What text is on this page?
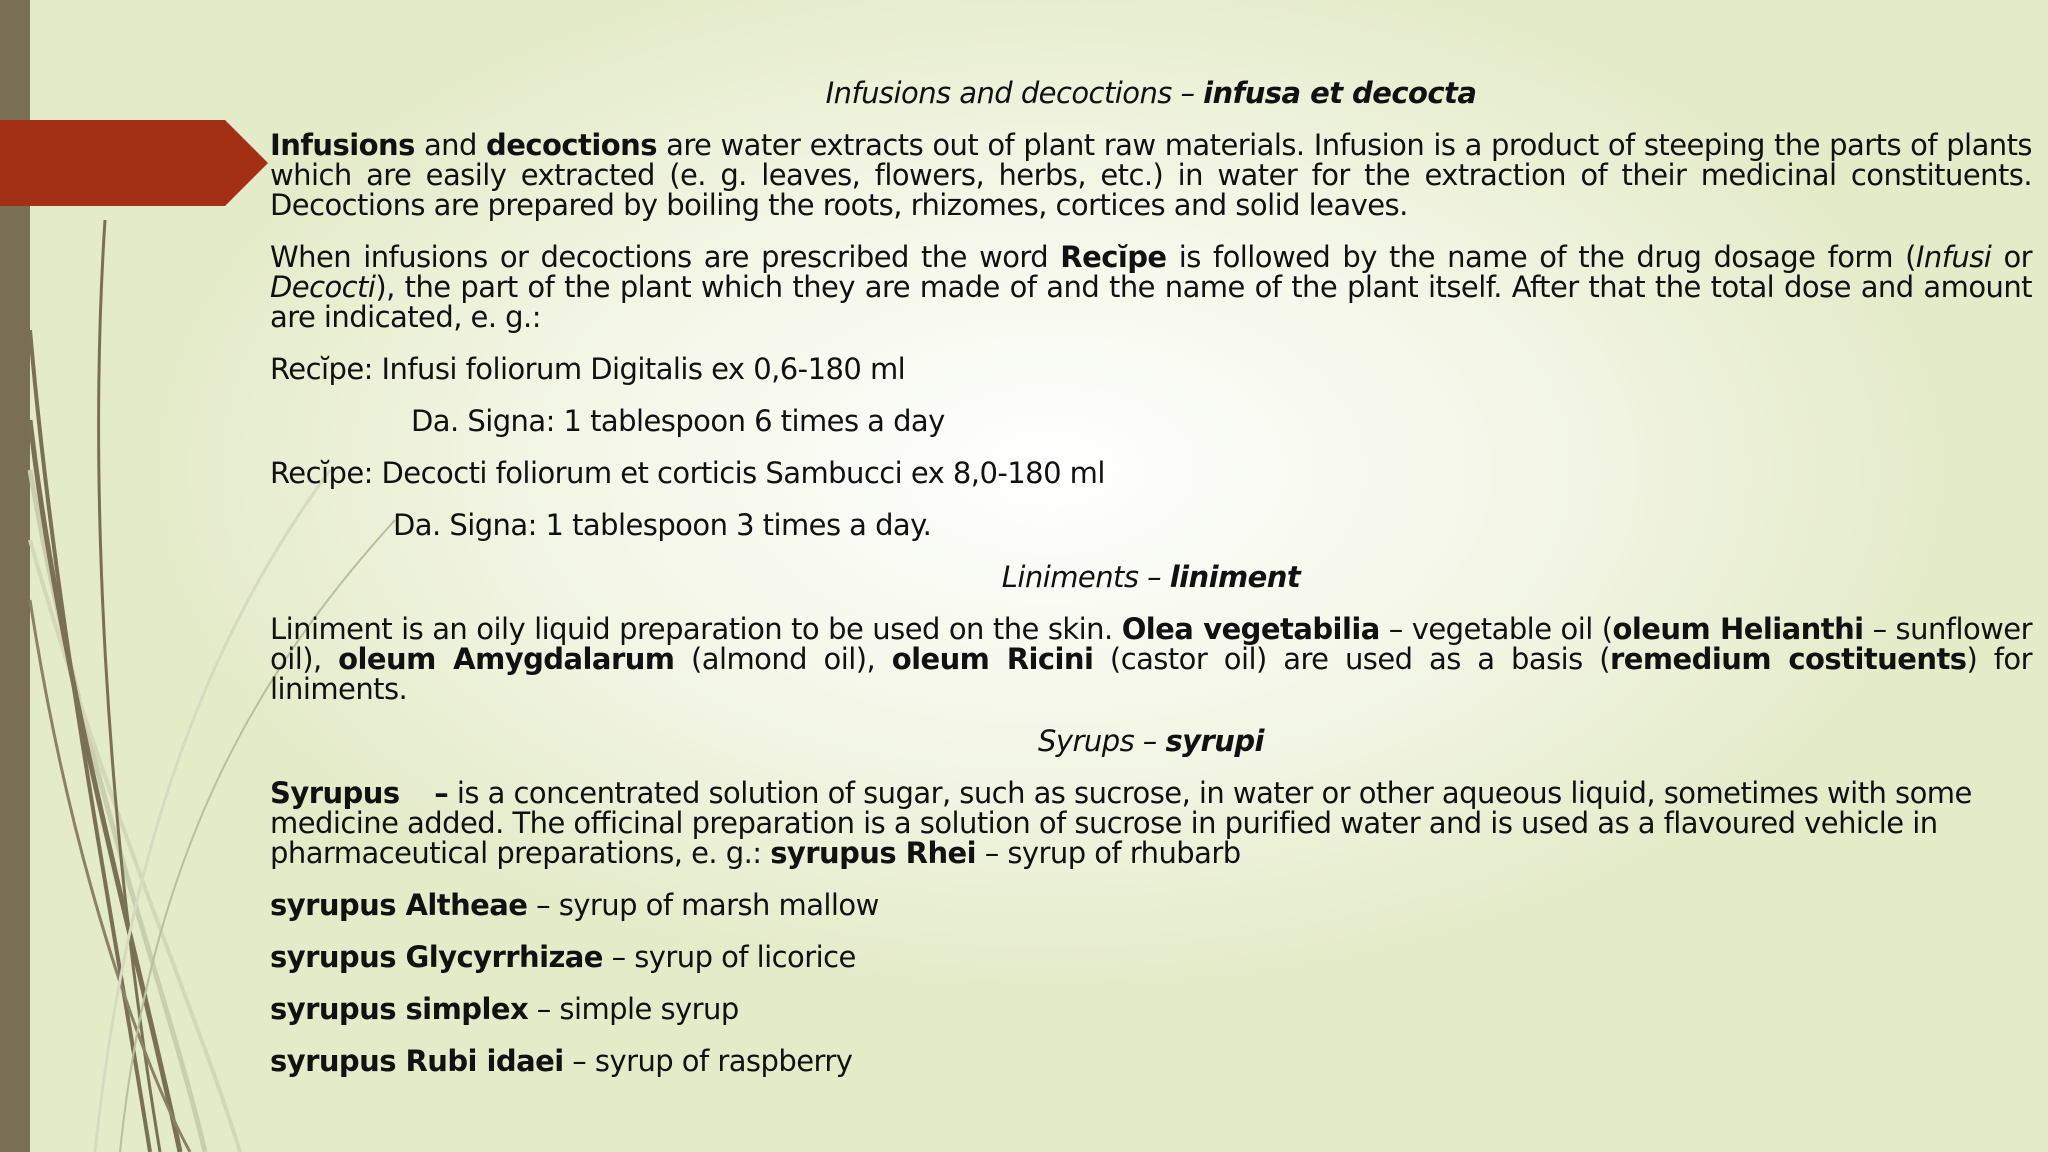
Infusions and decoctions – infusa et decocta

Infusions and decoctions are water extracts out of plant raw materials. Infusion is a product of steeping the parts of plants which are easily extracted (e. g. leaves, flowers, herbs, etc.) in water for the extraction of their medicinal constituents. Decoctions are prepared by boiling the roots, rhizomes, cortices and solid leaves.

When infusions or decoctions are prescribed the word Recĭpe is followed by the name of the drug dosage form (Infusi or Decocti), the part of the plant which they are made of and the name of the plant itself. After that the total dose and amount are indicated, e. g.:

Recĭpe: Infusi foliorum Digitalis ex 0,6-180 ml

Da. Signa: 1 tablespoon 6 times a day

Recĭpe: Decocti foliorum et corticis Sambucci ex 8,0-180 ml

Da. Signa: 1 tablespoon 3 times a day.

Liniments – liniment

Liniment is an oily liquid preparation to be used on the skin. Olea vegetabilia – vegetable oil (oleum Helianthi – sunflower oil), oleum Amygdalarum (almond oil), oleum Ricini (castor oil) are used as a basis (remedium costituents) for liniments.

Syrups – syrupi

Syrupus – is a concentrated solution of sugar, such as sucrose, in water or other aqueous liquid, sometimes with some medicine added. The officinal preparation is a solution of sucrose in purified water and is used as a flavoured vehicle in pharmaceutical preparations, e. g.: syrupus Rhei – syrup of rhubarb

syrupus Altheae – syrup of marsh mallow

syrupus Glycyrrhizae – syrup of licorice

syrupus simplex – simple syrup

syrupus Rubi idaei – syrup of raspberry
